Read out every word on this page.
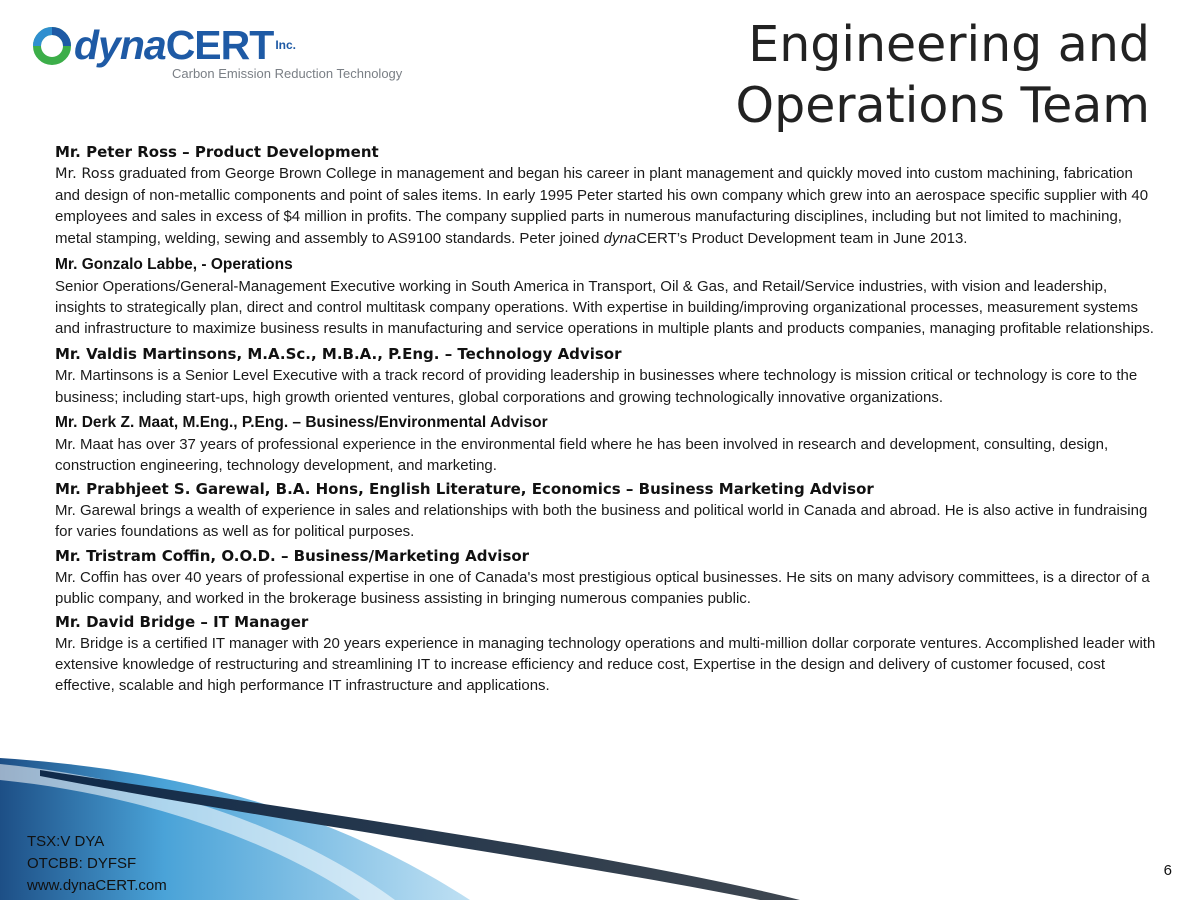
dynaCERT Inc.
Carbon Emission Reduction Technology
Engineering and
Operations Team
Mr. Peter Ross – Product Development
Mr. Ross graduated from George Brown College in management and began his career in plant management and quickly moved into custom machining, fabrication and design of non-metallic components and point of sales items. In early 1995 Peter started his own company which grew into an aerospace specific supplier with 40 employees and sales in excess of $4 million in profits. The company supplied parts in numerous manufacturing disciplines, including but not limited to machining, metal stamping, welding, sewing and assembly to AS9100 standards. Peter joined dynaCERT’s Product Development team in June 2013.
Mr. Gonzalo Labbe, - Operations
Senior Operations/General-Management Executive working in South America in Transport, Oil & Gas, and Retail/Service industries, with vision and leadership, insights to strategically plan, direct and control multitask company operations. With expertise in building/improving organizational processes, measurement systems and infrastructure to maximize business results in manufacturing and service operations in multiple plants and products companies, managing profitable relationships.
Mr. Valdis Martinsons, M.A.Sc., M.B.A., P.Eng. – Technology Advisor
Mr. Martinsons is a Senior Level Executive with a track record of providing leadership in businesses where technology is mission critical or technology is core to the business; including start-ups, high growth oriented ventures, global corporations and growing technologically innovative organizations.
Mr. Derk Z. Maat, M.Eng., P.Eng. – Business/Environmental Advisor
Mr. Maat has over 37 years of professional experience in the environmental field where he has been involved in research and development, consulting, design, construction engineering, technology development, and marketing.
Mr. Prabhjeet S. Garewal, B.A. Hons, English Literature, Economics – Business Marketing Advisor
Mr. Garewal brings a wealth of experience in sales and relationships with both the business and political world in Canada and abroad. He is also active in fundraising for varies foundations as well as for political purposes.
Mr. Tristram Coffin, O.O.D. – Business/Marketing Advisor
Mr. Coffin has over 40 years of professional expertise in one of Canada's most prestigious optical businesses. He sits on many advisory committees, is a director of a public company, and worked in the brokerage business assisting in bringing numerous companies public.
Mr. David Bridge – IT Manager
Mr. Bridge is a certified IT manager with 20 years experience in managing technology operations and multi-million dollar corporate ventures. Accomplished leader with extensive knowledge of restructuring and streamlining IT to increase efficiency and reduce cost, Expertise in the design and delivery of customer focused, cost effective, scalable and high performance IT infrastructure and applications.
TSX:V DYA
OTCBB: DYFSF
www.dynaCERT.com
6
